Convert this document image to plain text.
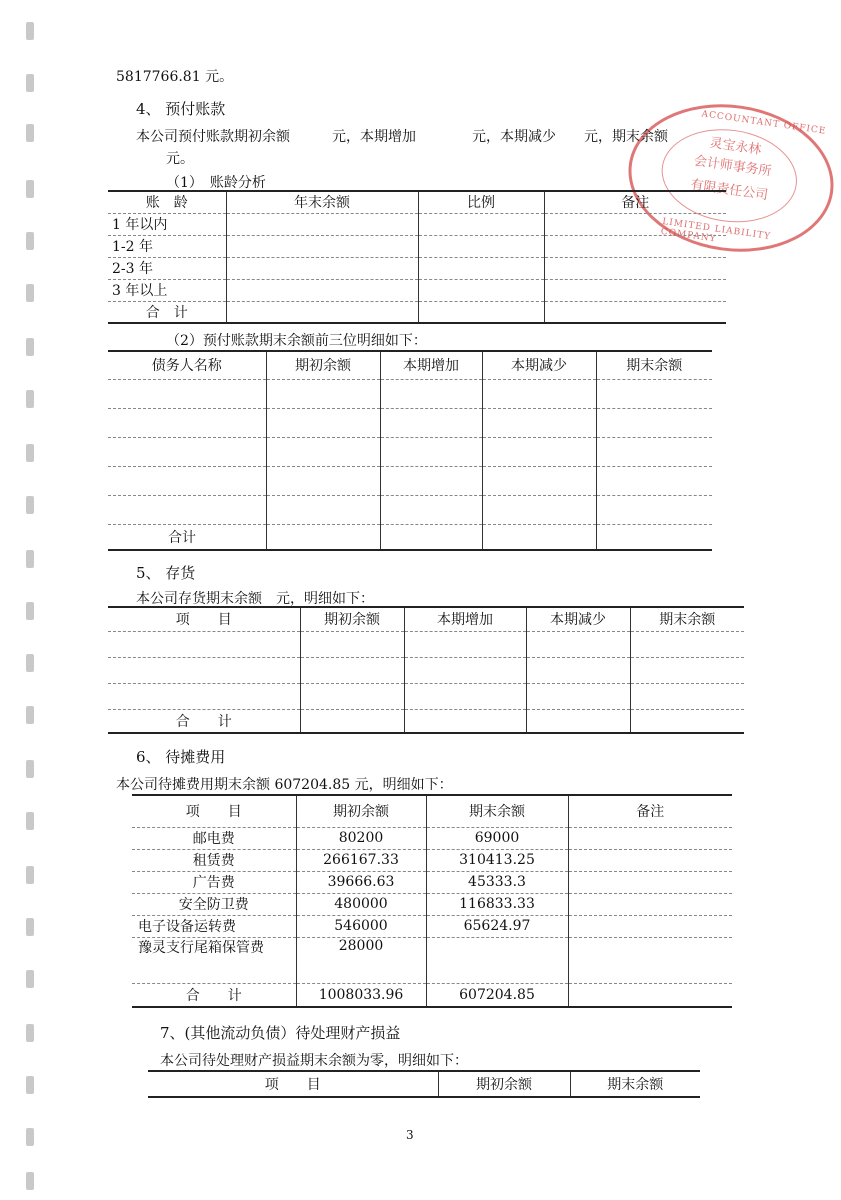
ACCOUNTANT OFFICE
灵宝永林
会计师事务所
有限责任公司
LIMITED LIABILITY COMPANY
5817766.81 元。
4、 预付账款
本公司预付账款期初余额　　　元，本期增加　　　　元，本期减少　　元，期末余额
元。
（1）　账龄分析
账　龄	年末余额	比例	备注
1 年以内			
1-2 年			
2-3 年			
3 年以上			
合　计			
（2）预付账款期末余额前三位明细如下：
债务人名称	期初余额	本期增加	本期减少	期末余额

合计				
5、 存货
本公司存货期末余额　元，明细如下：
项　　目	期初余额	本期增加	本期减少	期末余额

合　　计				
6、 待摊费用
本公司待摊费用期末余额 607204.85 元，明细如下：
项　　目	期初余额	期末余额	备注
邮电费	80200	69000	
租赁费	266167.33	310413.25	
广告费	39666.63	45333.3	
安全防卫费	480000	116833.33	
电子设备运转费	546000	65624.97	
豫灵支行尾箱保管费	28000		
合　　计	1008033.96	607204.85	
7、(其他流动负债）待处理财产损益
本公司待处理财产损益期末余额为零，明细如下：
项　　目	期初余额	期末余额
3
